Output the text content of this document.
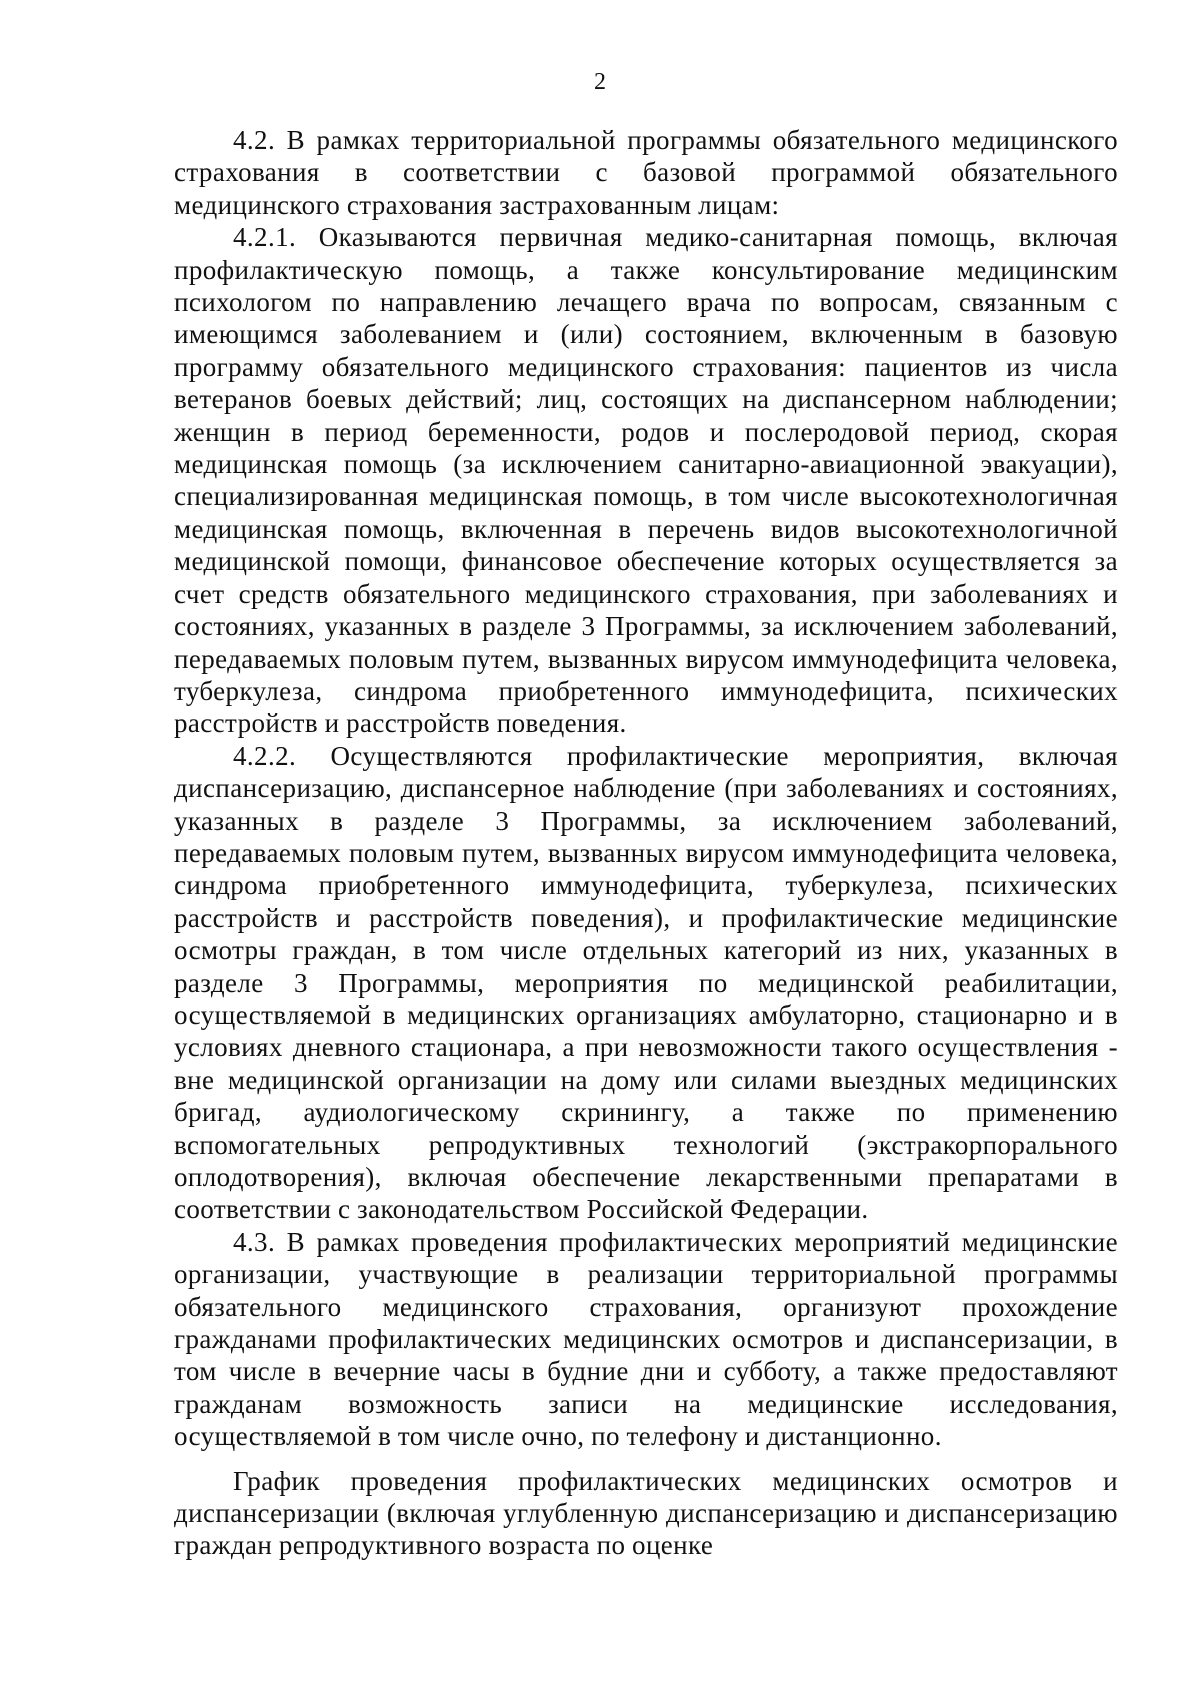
2

4.2. В рамках территориальной программы обязательного медицинского страхования в соответствии с базовой программой обязательного медицинского страхования застрахованным лицам:

4.2.1. Оказываются первичная медико-санитарная помощь, включая профилактическую помощь, а также консультирование медицинским психологом по направлению лечащего врача по вопросам, связанным с имеющимся заболеванием и (или) состоянием, включенным в базовую программу обязательного медицинского страхования: пациентов из числа ветеранов боевых действий; лиц, состоящих на диспансерном наблюдении; женщин в период беременности, родов и послеродовой период, скорая медицинская помощь (за исключением санитарно-авиационной эвакуации), специализированная медицинская помощь, в том числе высокотехнологичная медицинская помощь, включенная в перечень видов высокотехнологичной медицинской помощи, финансовое обеспечение которых осуществляется за счет средств обязательного медицинского страхования, при заболеваниях и состояниях, указанных в разделе 3 Программы, за исключением заболеваний, передаваемых половым путем, вызванных вирусом иммунодефицита человека, туберкулеза, синдрома приобретенного иммунодефицита, психических расстройств и расстройств поведения.

4.2.2. Осуществляются профилактические мероприятия, включая диспансеризацию, диспансерное наблюдение (при заболеваниях и состояниях, указанных в разделе 3 Программы, за исключением заболеваний, передаваемых половым путем, вызванных вирусом иммунодефицита человека, синдрома приобретенного иммунодефицита, туберкулеза, психических расстройств и расстройств поведения), и профилактические медицинские осмотры граждан, в том числе отдельных категорий из них, указанных в разделе 3 Программы, мероприятия по медицинской реабилитации, осуществляемой в медицинских организациях амбулаторно, стационарно и в условиях дневного стационара, а при невозможности такого осуществления - вне медицинской организации на дому или силами выездных медицинских бригад, аудиологическому скринингу, а также по применению вспомогательных репродуктивных технологий (экстракорпорального оплодотворения), включая обеспечение лекарственными препаратами в соответствии с законодательством Российской Федерации.

4.3. В рамках проведения профилактических мероприятий медицинские организации, участвующие в реализации территориальной программы обязательного медицинского страхования, организуют прохождение гражданами профилактических медицинских осмотров и диспансеризации, в том числе в вечерние часы в будние дни и субботу, а также предоставляют гражданам возможность записи на медицинские исследования, осуществляемой в том числе очно, по телефону и дистанционно.

График проведения профилактических медицинских осмотров и диспансеризации (включая углубленную диспансеризацию и диспансеризацию граждан репродуктивного возраста по оценке
